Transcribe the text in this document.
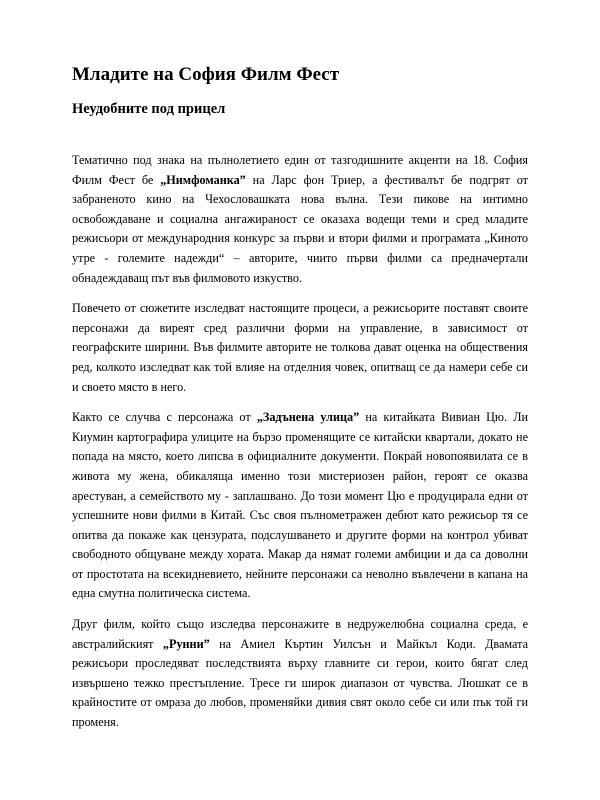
Младите на София Филм Фест
Неудобните под прицел

Тематично под знака на пълнолетието един от тазгодишните акценти на 18. София Филм Фест бе „Нимфоманка” на Ларс фон Триер, а фестивалът бе подгрят от забраненото кино на Чехословашката нова вълна. Тези пикове на интимно освобождаване и социална ангажираност се оказаха водещи теми и сред младите режисьори от международния конкурс за първи и втори филми и програмата „Киното утре - големите надежди“ – авторите, чиито първи филми са предначертали обнадеждаващ път във филмовото изкуство.

Повечето от сюжетите изследват настоящите процеси, а режисьорите поставят своите персонажи да виреят сред различни форми на управление, в зависимост от географските ширини. Във филмите авторите не толкова дават оценка на обществения ред, колкото изследват как той влияе на отделния човек, опитващ се да намери себе си и своето място в него.

Както се случва с персонажа от „Задънена улица” на китайката Вивиан Цю. Ли Киумин картографира улиците на бързо променящите се китайски квартали, докато не попада на място, което липсва в официалните документи. Покрай новопоявилата се в живота му жена, обикаляща именно този мистериозен район, героят се оказва арестуван, а семейството му - заплашвано. До този момент Цю е продуцирала едни от успешните нови филми в Китай. Със своя пълнометражен дебют като режисьор тя се опитва да покаже как цензурата, подслушването и другите форми на контрол убиват свободното общуване между хората. Макар да нямат големи амбиции и да са доволни от простотата на всекидневието, нейните персонажи са неволно въвлечени в капана на една смутна политическа система.

Друг филм, който също изследва персонажите в недружелюбна социална среда, е австралийският „Рунни” на Амиел Къртин Уилсън и Майкъл Коди. Двамата режисьори проследяват последствията върху главните си герои, които бягат след извършено тежко престъпление. Тресе ги широк диапазон от чувства. Люшкат се в крайностите от омраза до любов, променяйки дивия свят около себе си или пък той ги променя.
